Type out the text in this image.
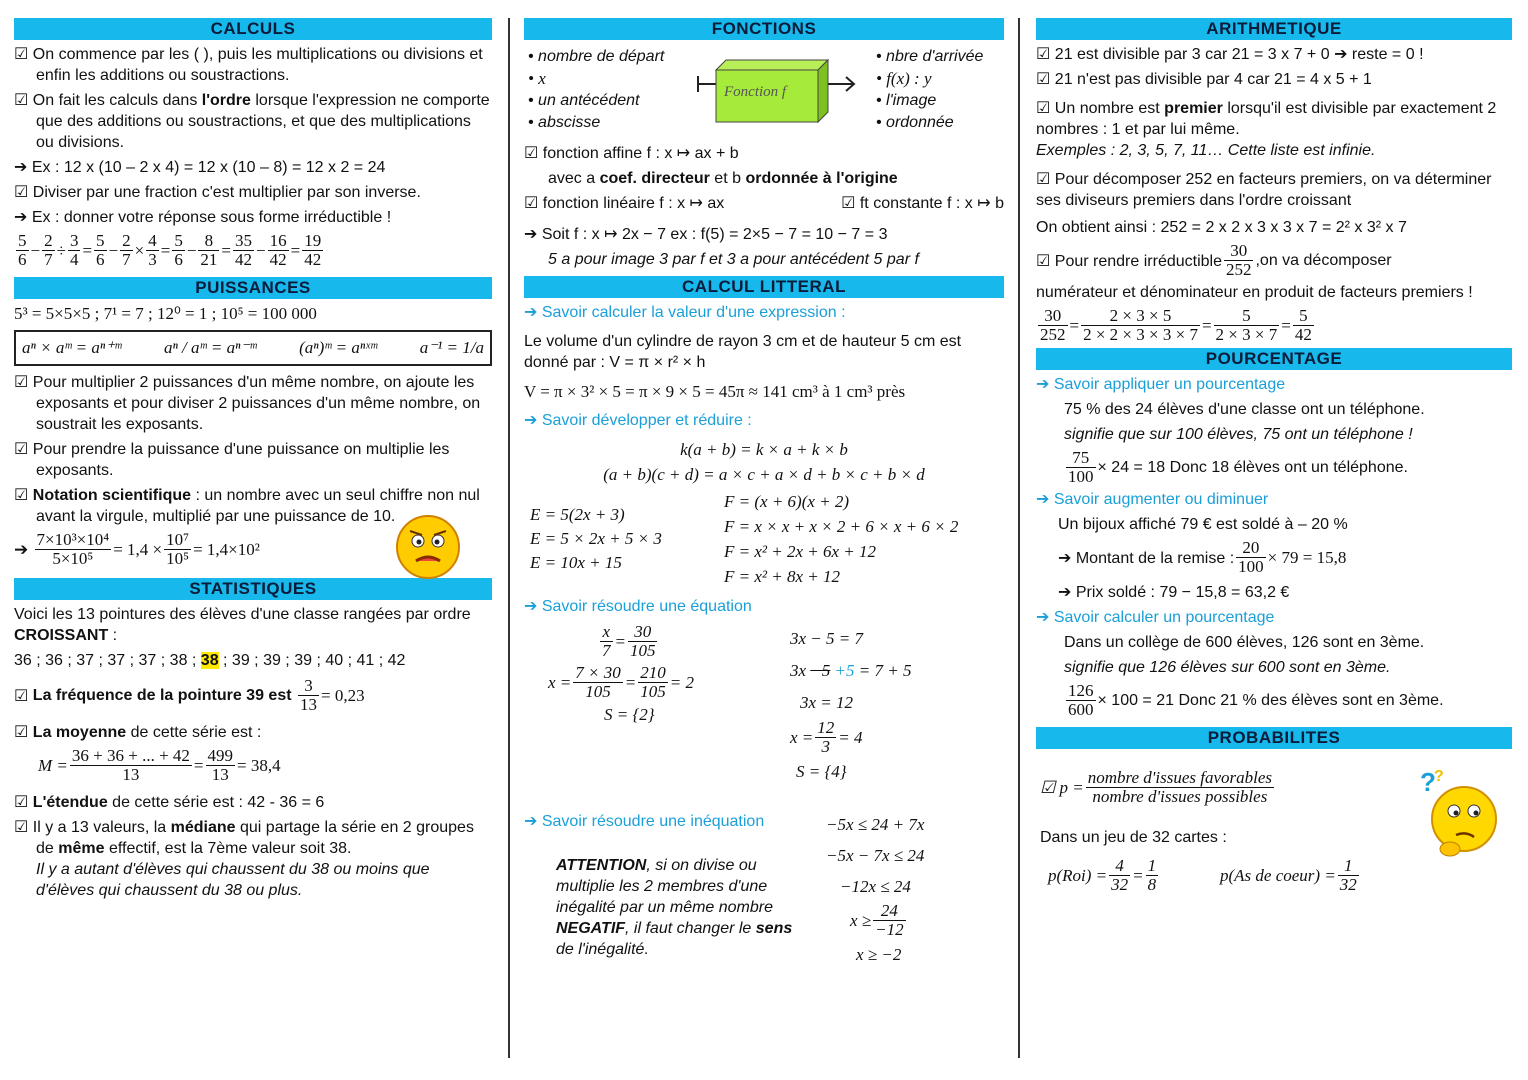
CALCULS
☑ On commence par les ( ), puis les multiplications ou divisions et enfin les additions ou soustractions.
☑ On fait les calculs dans l'ordre lorsque l'expression ne comporte que des additions ou soustractions, et que des multiplications ou divisions.
➔ Ex : 12 x (10 – 2 x 4) = 12 x (10 – 8) = 12 x 2 = 24
☑ Diviser par une fraction c'est multiplier par son inverse.
➔ Ex : donner votre réponse sous forme irréductible !
5
$6 - \frac{2}{7} \div \frac{3}{4} = \frac{5}{6} - \frac{2}{7} \times \frac{4}{3} = \frac{5}{6} - \frac{8}{21} = \frac{35}{42} - \frac{16}{42} = \frac{19}{42}$
PUISSANCES
5³ = 5×5×5 ; 7¹ = 7 ; 12⁰ = 1 ; 10⁵ = 100 000
aⁿ × aᵐ = aⁿ⁺ᵐ	aⁿ / aᵐ = aⁿ⁻ᵐ	(aⁿ)ᵐ = aⁿˣᵐ	a⁻¹ = 1/a
☑ Pour multiplier 2 puissances d'un même nombre, on ajoute les exposants et pour diviser 2 puissances d'un même nombre, on soustrait les exposants.
☑ Pour prendre la puissance d'une puissance on multiplie les exposants.
☑ Notation scientifique : un nombre avec un seul chiffre non nul avant la virgule, multiplié par une puissance de 10.
➔ $\frac{\text{7×10³×10⁴}}{\text{5×10⁵}} = 1,4 \times \frac{\text{10⁷}}{\text{10⁵}} = 1,4\times 10^2$
STATISTIQUES
Voici les 13 pointures des élèves d'une classe rangées par ordre CROISSANT :
36 ; 36 ; 37 ; 37 ; 37 ; 38 ; 38 ; 39 ; 39 ; 39 ; 40 ; 41 ; 42
☑ La fréquence de la pointure 39 est
$\frac{3}{13} = 0,23$
☑ La moyenne de cette série est :
$M = \frac{36 + 36 + ... + 42}{13} = \frac{499}{13} = 38,4$
☑ L'étendue de cette série est : 42 - 36 = 6
☑ Il y a 13 valeurs, la médiane qui partage la série en 2 groupes de même effectif, est la 7ème valeur soit 38.
Il y a autant d'élèves qui chaussent du 38 ou moins que d'élèves qui chaussent du 38 ou plus.
FONCTIONS
• nombre de départ
• x
• un antécédent
• abscisse
Fonction f
• nbre d'arrivée
• f(x) : y
• l'image
• ordonnée
☑ fonction affine f : x ↦ ax + b
avec a coef. directeur et b ordonnée à l'origine
☑ fonction linéaire f : x ↦ ax	☑ ft constante f : x ↦ b
➔ Soit f : x ↦ 2x − 7 ex : f(5) = 2×5 − 7 = 10 − 7 = 3
5 a pour image 3 par f et 3 a pour antécédent 5 par f
CALCUL LITTERAL
➔ Savoir calculer la valeur d'une expression :
Le volume d'un cylindre de rayon 3 cm et de hauteur 5 cm est donné par : V = π × r² × h
V = π × 3² × 5 = π × 9 × 5 = 45π ≈ 141 cm³ à 1 cm³ près
➔ Savoir développer et réduire :
k(a + b) = k × a + k × b
(a + b)(c + d) = a × c + a × d + b × c + b × d
E = 5(2x + 3)
E = 5 × 2x + 5 × 3
E = 10x + 15
F = (x + 6)(x + 2)
F = x × x + x × 2 + 6 × x + 6 × 2
F = x² + 2x + 6x + 12
F = x² + 8x + 12
➔ Savoir résoudre une équation
x
7 = 30
105
$x = \frac{7 \times 30}{105} = \frac{210}{105} = 2$
S = {2}
3x − 5 = 7
3x −5 +5 = 7 + 5
3x = 12
$x = \frac{12}{3} = 4$
S = {4}
➔ Savoir résoudre une inéquation
ATTENTION, si on divise ou multiplie les 2 membres d'une inégalité par un même nombre NEGATIF, il faut changer le sens de l'inégalité.
−5x ≤ 24 + 7x
−5x − 7x ≤ 24
−12x ≤ 24
$x \ge \frac{24}{-12}$
x ≥ −2
ARITHMETIQUE
☑ 21 est divisible par 3 car 21 = 3 x 7 + 0 ➔ reste = 0 !
☑ 21 n'est pas divisible par 4 car 21 = 4 x 5 + 1
☑ Un nombre est premier lorsqu'il est divisible par exactement 2 nombres : 1 et par lui même.
Exemples : 2, 3, 5, 7, 11… Cette liste est infinie.
☑ Pour décomposer 252 en facteurs premiers, on va déterminer ses diviseurs premiers dans l'ordre croissant
On obtient ainsi : 252 = 2 x 2 x 3 x 3 x 7 = 2² x 3² x 7
☑ Pour rendre irréductible
30
252 ,on va décomposer
numérateur et dénominateur en produit de facteurs premiers !
30
252 =	2 × 3 × 5
2 × 2 × 3 × 3 × 7 =	5
2 × 3 × 7 = 5
42
POURCENTAGE
➔ Savoir appliquer un pourcentage
75 % des 24 élèves d'une classe ont un téléphone.
signifie que sur 100 élèves, 75 ont un téléphone !
$\frac{75}{100} \times 24 = 18$ Donc 18 élèves ont un téléphone.
➔ Savoir augmenter ou diminuer
Un bijoux affiché 79 € est soldé à – 20 %
➔ Montant de la remise : $\frac{20}{100} \times 79 = 15,8$
➔ Prix soldé : 79 − 15,8 = 63,2 €
➔ Savoir calculer un pourcentage
Dans un collège de 600 élèves, 126 sont en 3ème.
signifie que 126 élèves sur 600 sont en 3ème.
$\frac{126}{600} \times 100 = 21$ Donc 21 % des élèves sont en 3ème.
PROBABILITES
☑ p = nombre d'issues favorables
nombre d'issues possibles	?
?
Dans un jeu de 32 cartes :
$p(Roi) = \frac{4}{32} = 1$
8	p(As de coeur) = $\frac{1}{32}$
